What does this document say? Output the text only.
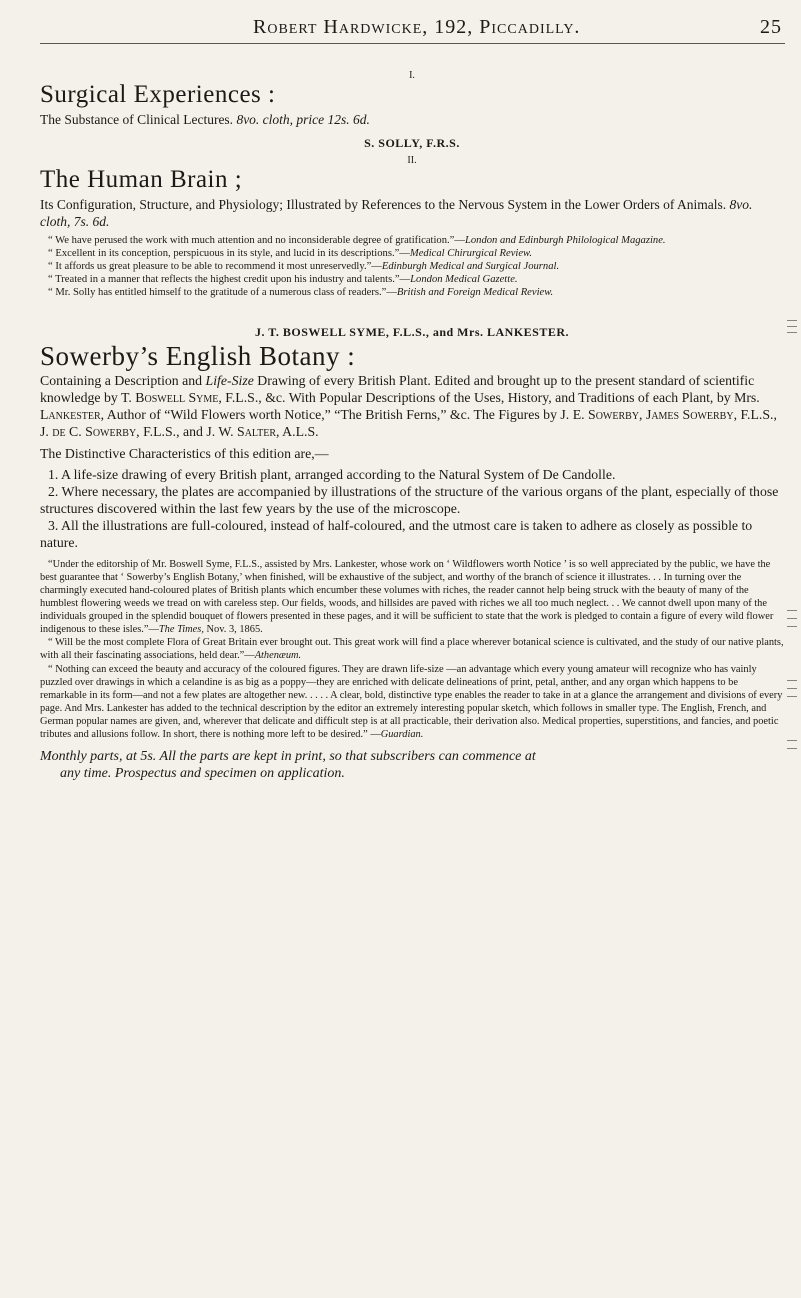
Robert Hardwicke, 192, Piccadilly.	25
I.
Surgical Experiences :

The Substance of Clinical Lectures. 8vo. cloth, price 12s. 6d.

S. SOLLY, F.R.S.
II.
The Human Brain ;

Its Configuration, Structure, and Physiology; Illustrated by References to the Nervous System in the Lower Orders of Animals. 8vo. cloth, 7s. 6d.

“ We have perused the work with much attention and no inconsiderable degree of gratification.”—London and Edinburgh Philological Magazine.

“ Excellent in its conception, perspicuous in its style, and lucid in its descriptions.”—Medical Chirurgical Review.

“ It affords us great pleasure to be able to recommend it most unreservedly.”—Edinburgh Medical and Surgical Journal.

“ Treated in a manner that reflects the highest credit upon his industry and talents.”—London Medical Gazette.

“ Mr. Solly has entitled himself to the gratitude of a numerous class of readers.”—British and Foreign Medical Review.

J. T. BOSWELL SYME, F.L.S., and Mrs. LANKESTER.
Sowerby’s English Botany :

Containing a Description and Life-Size Drawing of every British Plant. Edited and brought up to the present standard of scientific knowledge by T. Boswell Syme, F.L.S., &c. With Popular Descriptions of the Uses, History, and Traditions of each Plant, by Mrs. Lankester, Author of “Wild Flowers worth Notice,” “The British Ferns,” &c. The Figures by J. E. Sowerby, James Sowerby, F.L.S., J. de C. Sowerby, F.L.S., and J. W. Salter, A.L.S.

The Distinctive Characteristics of this edition are,—

1. A life-size drawing of every British plant, arranged according to the Natural System of De Candolle.

2. Where necessary, the plates are accompanied by illustrations of the structure of the various organs of the plant, especially of those structures discovered within the last few years by the use of the microscope.

3. All the illustrations are full-coloured, instead of half-coloured, and the utmost care is taken to adhere as closely as possible to nature.

“Under the editorship of Mr. Boswell Syme, F.L.S., assisted by Mrs. Lankester, whose work on ‘ Wildflowers worth Notice ’ is so well appreciated by the public, we have the best guarantee that ‘ Sowerby’s English Botany,’ when finished, will be exhaustive of the subject, and worthy of the branch of science it illustrates. . . In turning over the charmingly executed hand-coloured plates of British plants which encumber these volumes with riches, the reader cannot help being struck with the beauty of many of the humblest flowering weeds we tread on with careless step. Our fields, woods, and hillsides are paved with riches we all too much neglect. . . We cannot dwell upon many of the individuals grouped in the splendid bouquet of flowers presented in these pages, and it will be sufficient to state that the work is pledged to contain a figure of every wild flower indigenous to these isles.”—The Times, Nov. 3, 1865.

“ Will be the most complete Flora of Great Britain ever brought out. This great work will find a place wherever botanical science is cultivated, and the study of our native plants, with all their fascinating associations, held dear.”—Athenæum.

“ Nothing can exceed the beauty and accuracy of the coloured figures. They are drawn life-size —an advantage which every young amateur will recognize who has vainly puzzled over drawings in which a celandine is as big as a poppy—they are enriched with delicate delineations of print, petal, anther, and any organ which happens to be remarkable in its form—and not a few plates are altogether new. . . . . A clear, bold, distinctive type enables the reader to take in at a glance the arrangement and divisions of every page. And Mrs. Lankester has added to the technical description by the editor an extremely interesting popular sketch, which follows in smaller type. The English, French, and German popular names are given, and, wherever that delicate and difficult step is at all practicable, their derivation also. Medical properties, superstitions, and fancies, and poetic tributes and allusions follow. In short, there is nothing more left to be desired.” —Guardian.

Monthly parts, at 5s. All the parts are kept in print, so that subscribers can commence at
any time. Prospectus and specimen on application.
